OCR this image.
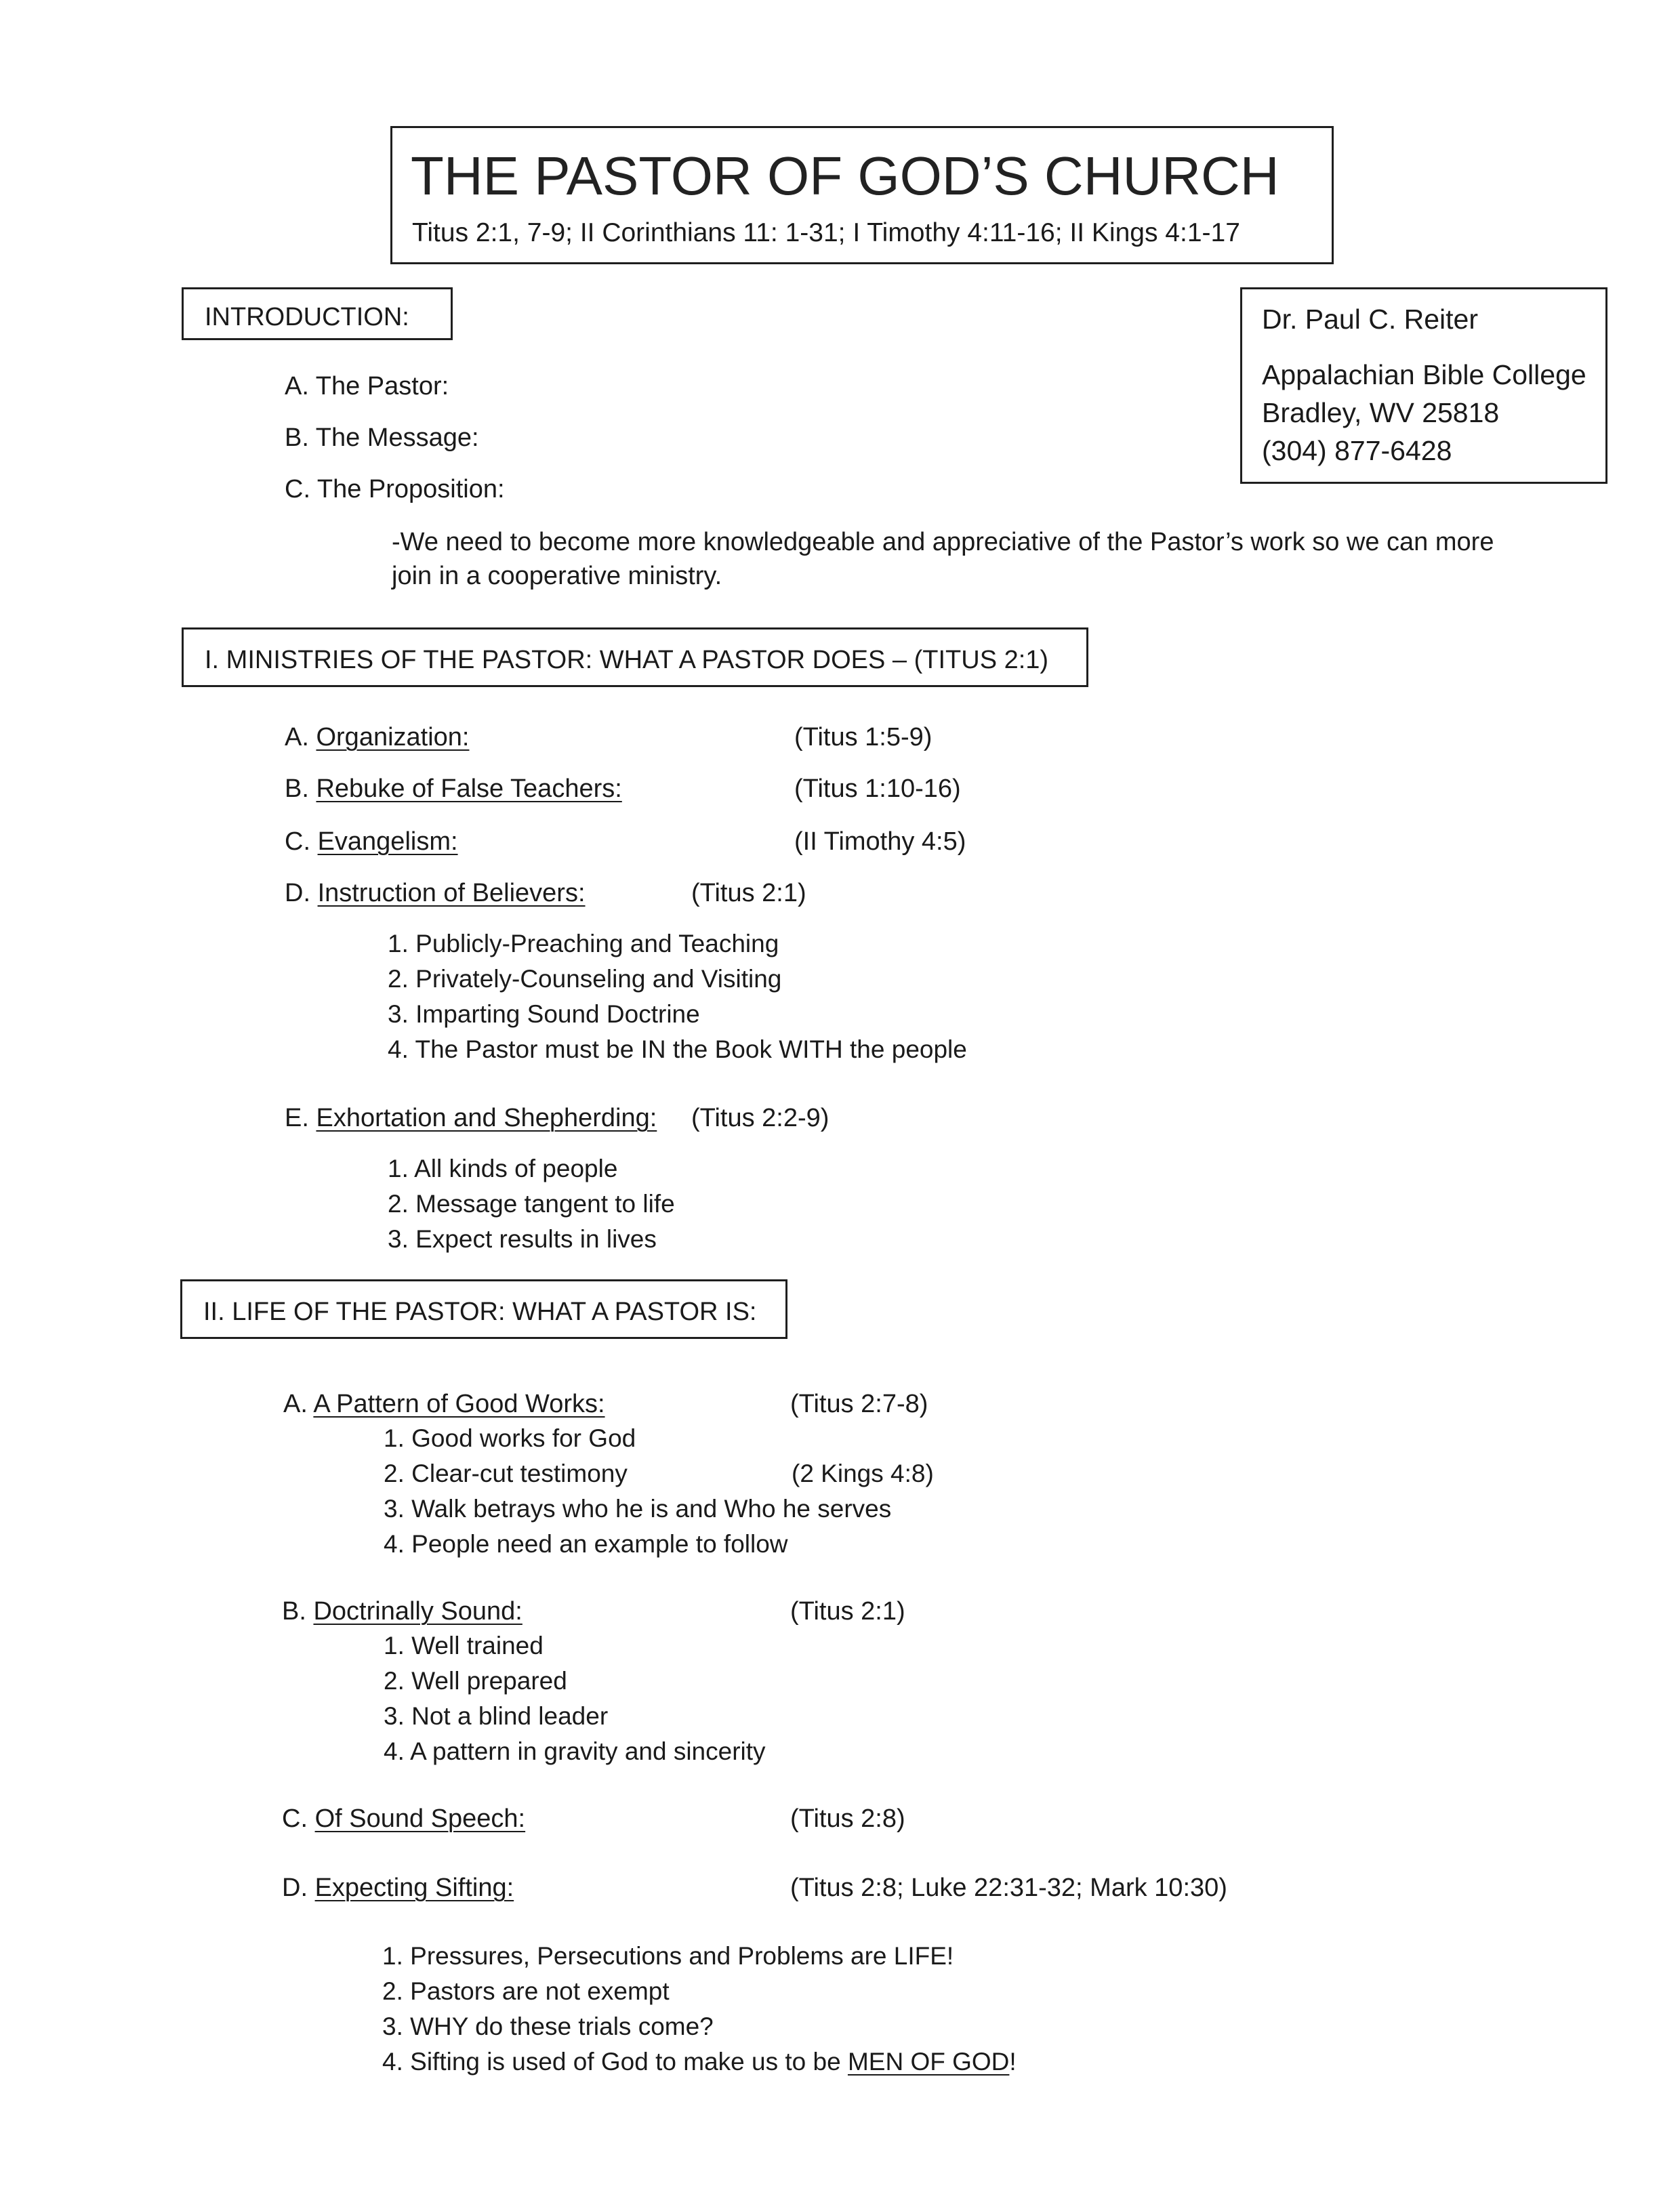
THE PASTOR OF GOD’S CHURCH
Titus 2:1, 7-9; II Corinthians 11: 1-31; I Timothy 4:11-16; II Kings 4:1-17
Dr. Paul C. Reiter
Appalachian Bible College
Bradley, WV 25818
(304) 877-6428
INTRODUCTION:
A. The Pastor:
B. The Message:
C. The Proposition:
-We need to become more knowledgeable and appreciative of the Pastor’s work so we can more
join in a cooperative ministry.
I. MINISTRIES OF THE PASTOR: WHAT A PASTOR DOES – (TITUS 2:1)
A. Organization:	(Titus 1:5-9)
B. Rebuke of False Teachers:	(Titus 1:10-16)
C. Evangelism:	(II Timothy 4:5)
D. Instruction of Believers:	(Titus 2:1)
1. Publicly-Preaching and Teaching
2. Privately-Counseling and Visiting
3. Imparting Sound Doctrine
4. The Pastor must be IN the Book WITH the people
E. Exhortation and Shepherding: (Titus 2:2-9)
1. All kinds of people
2. Message tangent to life
3. Expect results in lives
II. LIFE OF THE PASTOR: WHAT A PASTOR IS:
A. A Pattern of Good Works:	(Titus 2:7-8)
1. Good works for God
2. Clear-cut testimony	(2 Kings 4:8)
3. Walk betrays who he is and Who he serves
4. People need an example to follow
B. Doctrinally Sound:	(Titus 2:1)
1. Well trained
2. Well prepared
3. Not a blind leader
4. A pattern in gravity and sincerity
C. Of Sound Speech:	(Titus 2:8)
D. Expecting Sifting:	(Titus 2:8; Luke 22:31-32; Mark 10:30)
1. Pressures, Persecutions and Problems are LIFE!
2. Pastors are not exempt
3. WHY do these trials come?
4. Sifting is used of God to make us to be MEN OF GOD!
